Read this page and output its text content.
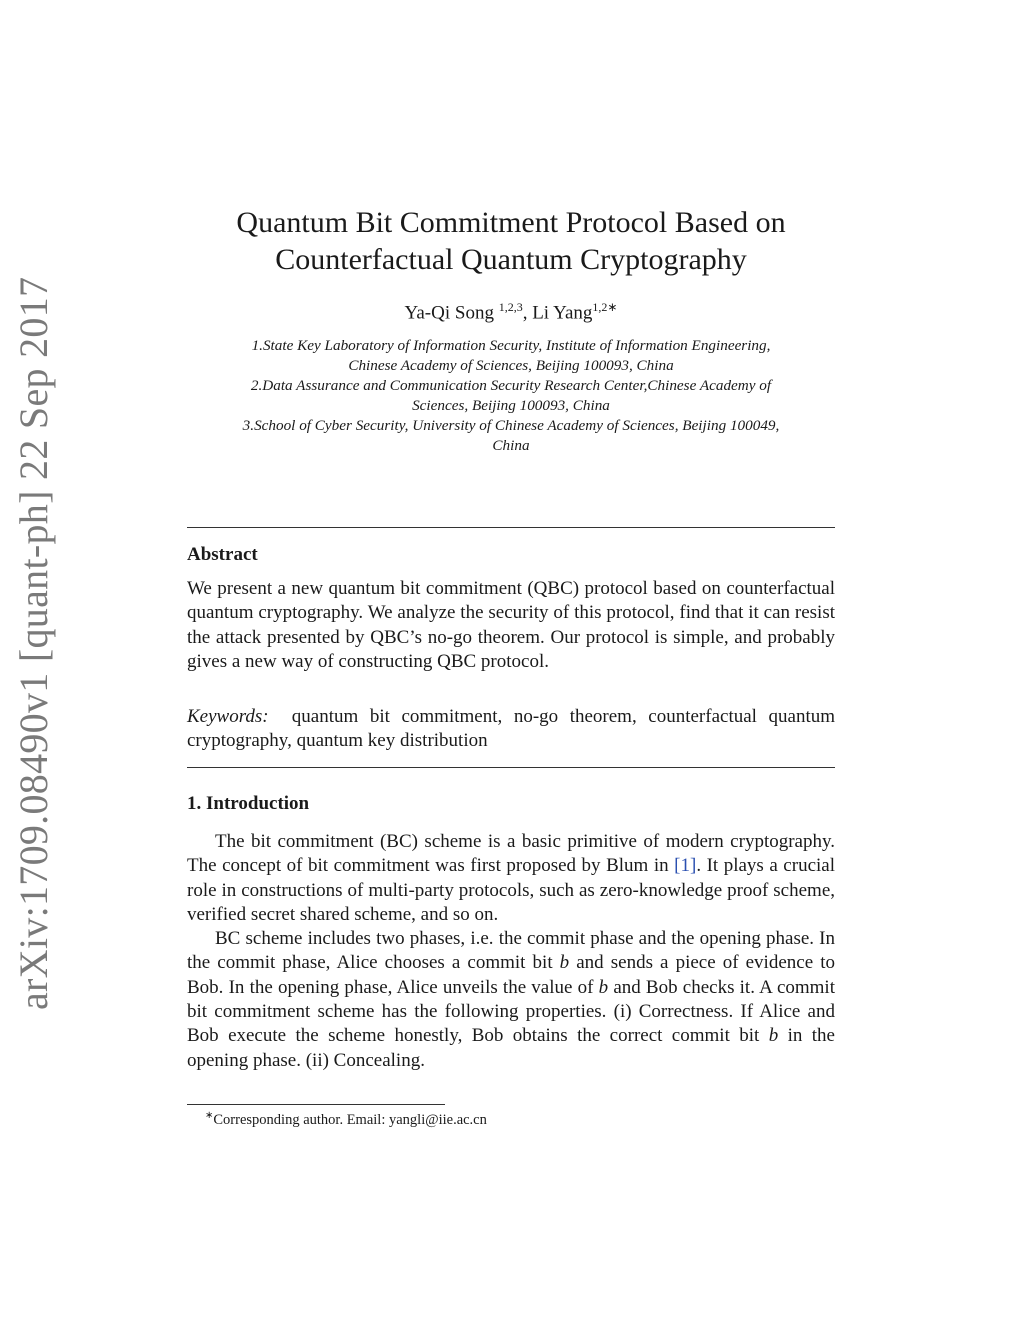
arXiv:1709.08490v1 [quant-ph] 22 Sep 2017
Quantum Bit Commitment Protocol Based on
Counterfactual Quantum Cryptography
Ya-Qi Song $^{1,2,3}$, Li Yang$^{1,2∗}$
1.State Key Laboratory of Information Security, Institute of Information Engineering,
Chinese Academy of Sciences, Beijing 100093, China
2.Data Assurance and Communication Security Research Center,Chinese Academy of
Sciences, Beijing 100093, China
3.School of Cyber Security, University of Chinese Academy of Sciences, Beijing 100049,
China
Abstract
We present a new quantum bit commitment (QBC) protocol based on counterfactual quantum cryptography. We analyze the security of this protocol, find that it can resist the attack presented by QBC’s no-go theorem. Our protocol is simple, and probably gives a new way of constructing QBC protocol.
Keywords: quantum bit commitment, no-go theorem, counterfactual quantum cryptography, quantum key distribution
1. Introduction

The bit commitment (BC) scheme is a basic primitive of modern cryptography. The concept of bit commitment was first proposed by Blum in [1]. It plays a crucial role in constructions of multi-party protocols, such as zero-knowledge proof scheme, verified secret shared scheme, and so on.

BC scheme includes two phases, i.e. the commit phase and the opening phase. In the commit phase, Alice chooses a commit bit b and sends a piece of evidence to Bob. In the opening phase, Alice unveils the value of b and Bob checks it. A commit bit commitment scheme has the following properties. (i) Correctness. If Alice and Bob execute the scheme honestly, Bob obtains the correct commit bit b in the opening phase. (ii) Concealing.

∗Corresponding author. Email: yangli@iie.ac.cn
